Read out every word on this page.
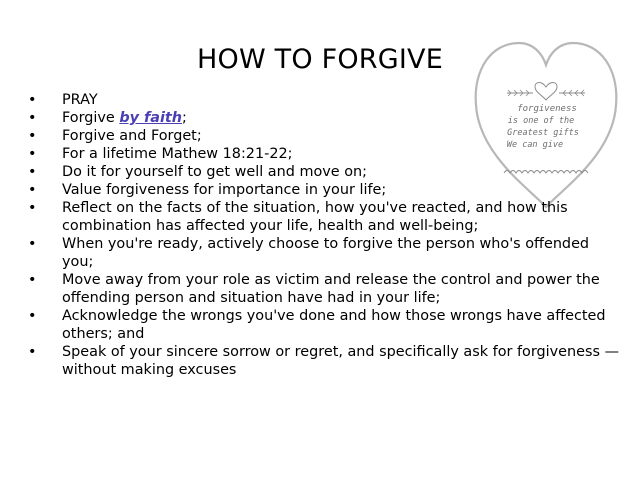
HOW TO FORGIVE
forgiveness
is one of the
Greatest gifts
We can give
•	PRAY
•	Forgive by faith;
•	Forgive and Forget;
•	For a lifetime Mathew 18:21-22;
•	Do it for yourself to get well and move on;
•	Value forgiveness for importance in your life;
•	Reflect on the facts of the situation, how you've reacted, and how this combination has affected your life, health and well-being;
•	When you're ready, actively choose to forgive the person who's offended you;
•	Move away from your role as victim and release the control and power the offending person and situation have had in your life;
•	Acknowledge the wrongs you've done and how those wrongs have affected others; and
•	Speak of your sincere sorrow or regret, and specifically ask for forgiveness — without making excuses
